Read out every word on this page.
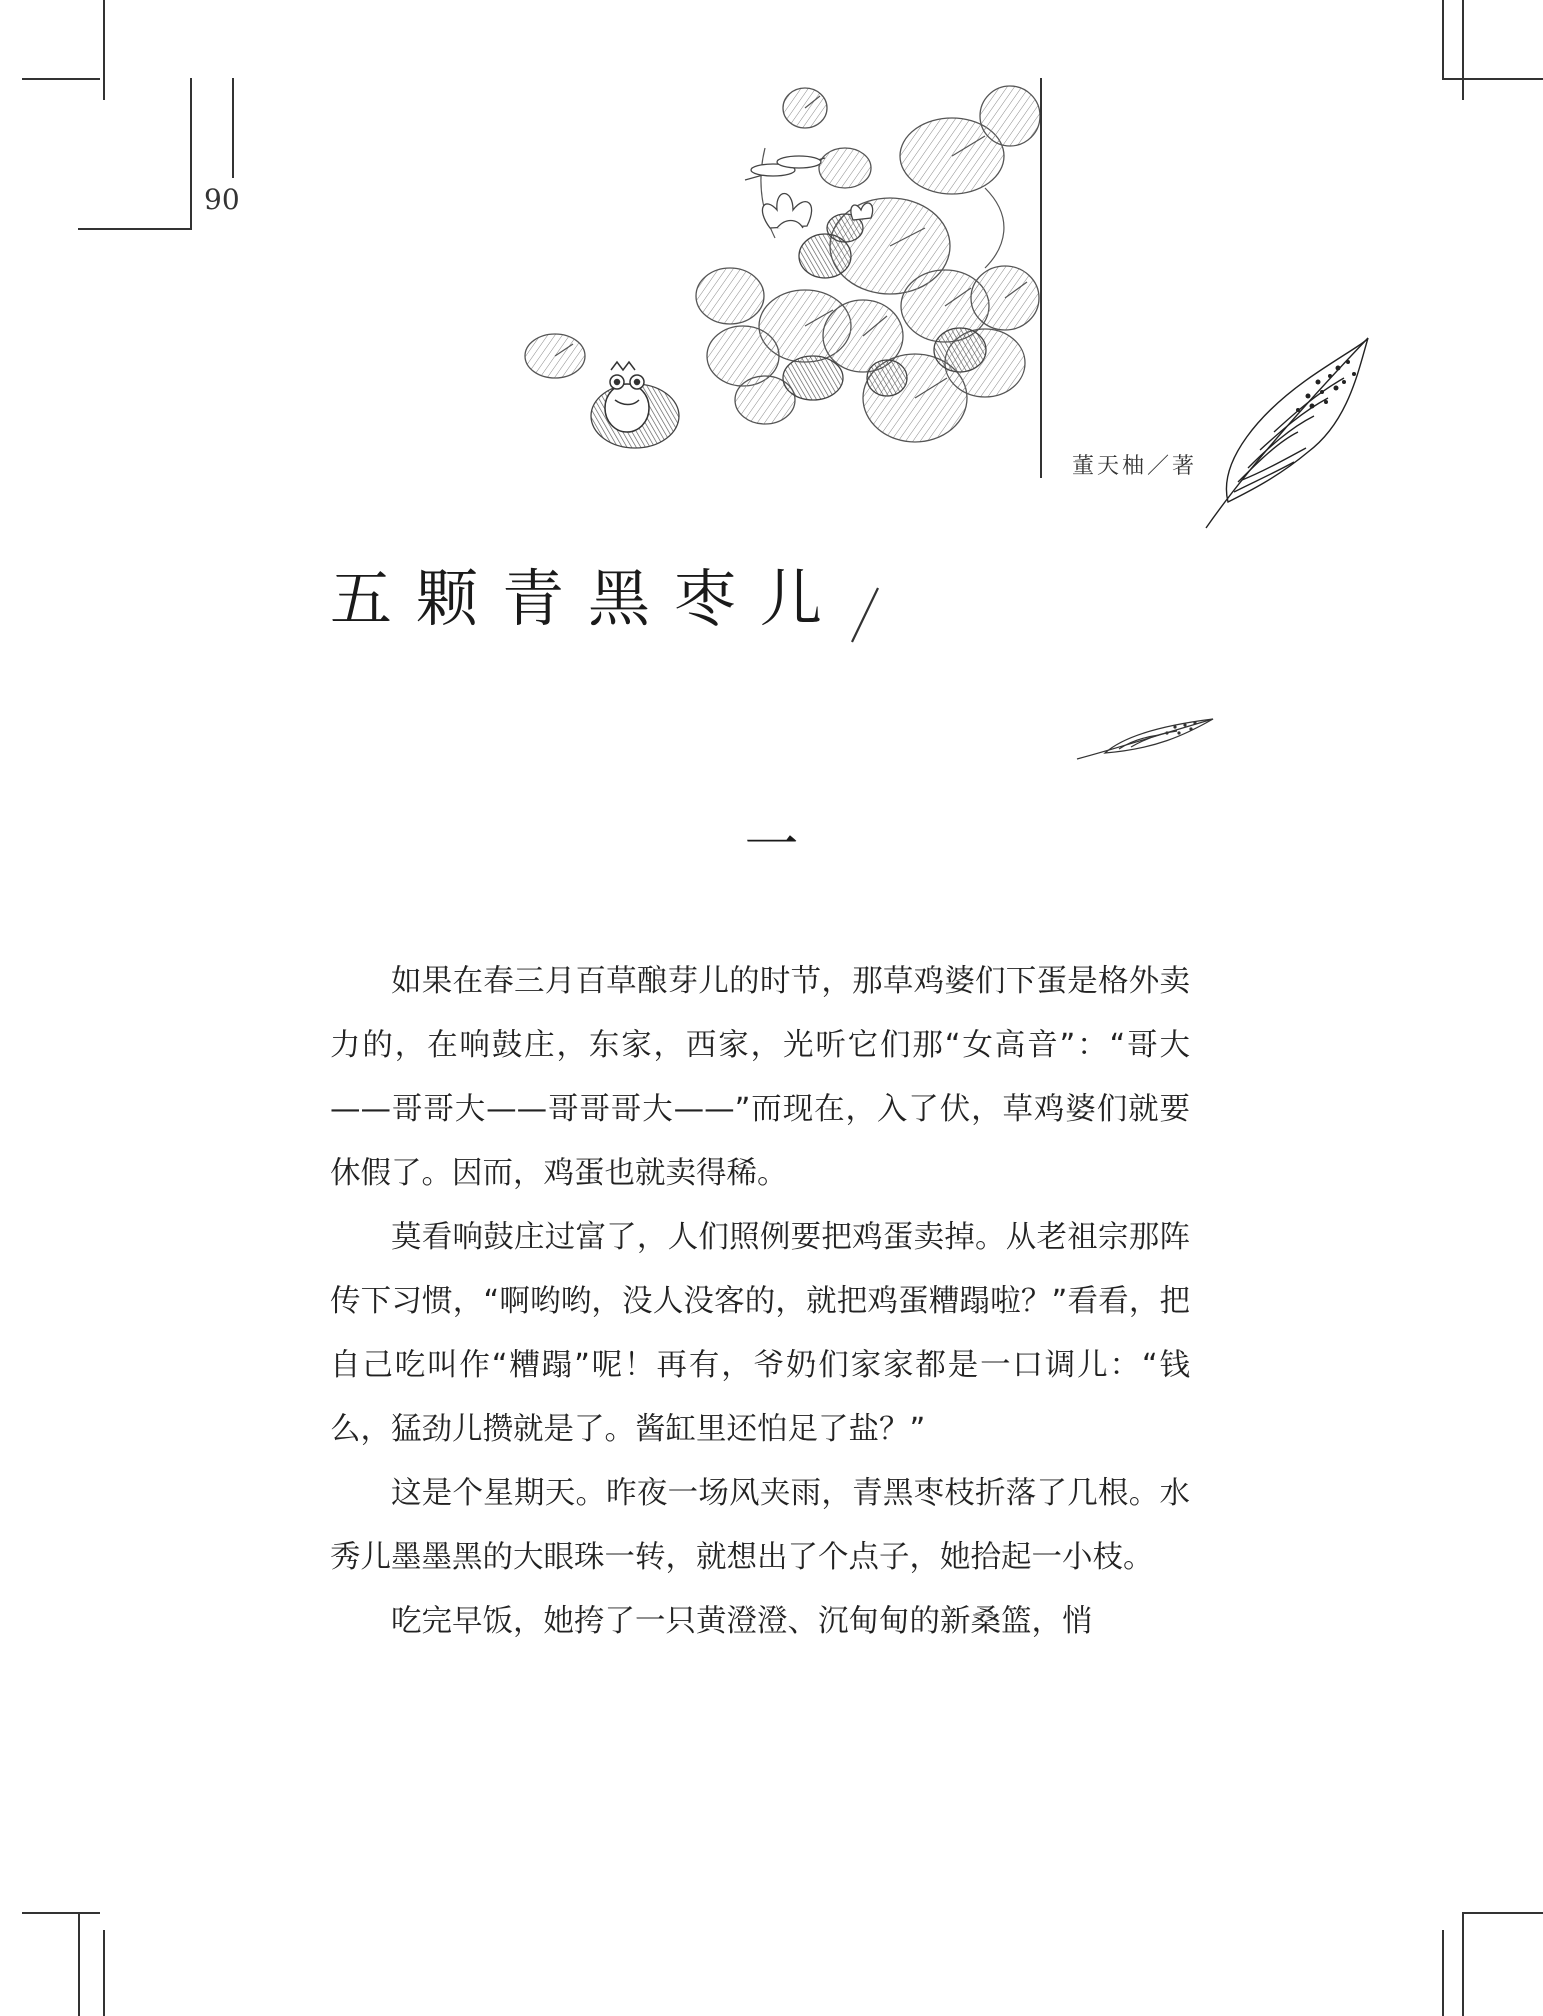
90
董天柚／著
五颗青黑枣儿
一

如果在春三月百草酿芽儿的时节，那草鸡婆们下蛋是格外卖力的，在响鼓庄，东家，西家，光听它们那“女高音”：“哥大——哥哥大——哥哥哥大——”而现在，入了伏，草鸡婆们就要休假了。因而，鸡蛋也就卖得稀。

莫看响鼓庄过富了，人们照例要把鸡蛋卖掉。从老祖宗那阵传下习惯，“啊哟哟，没人没客的，就把鸡蛋糟蹋啦？”看看，把自己吃叫作“糟蹋”呢！再有，爷奶们家家都是一口调儿：“钱么，猛劲儿攒就是了。酱缸里还怕足了盐？”

这是个星期天。昨夜一场风夹雨，青黑枣枝折落了几根。水秀儿墨墨黑的大眼珠一转，就想出了个点子，她拾起一小枝。

吃完早饭，她挎了一只黄澄澄、沉甸甸的新桑篮，悄
